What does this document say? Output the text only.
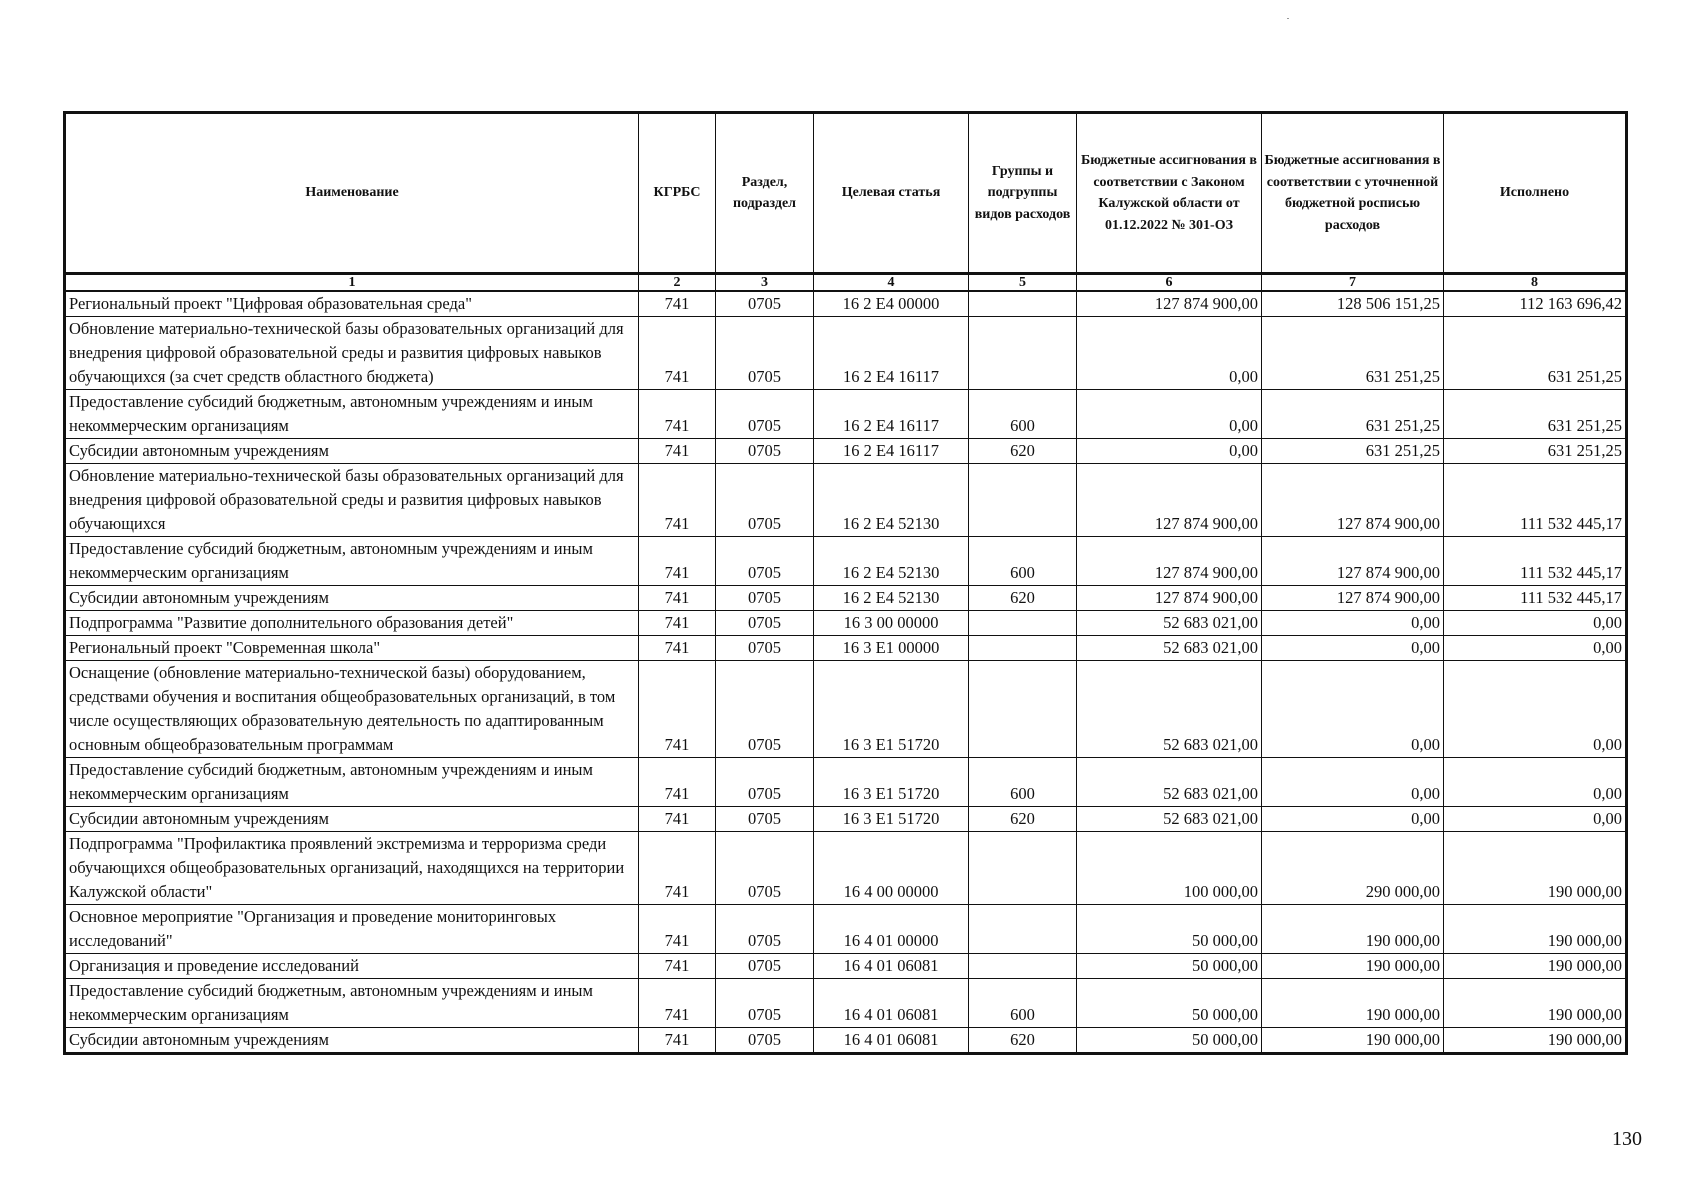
Наименование	КГРБС	Раздел, подраздел	Целевая статья	Группы и подгруппы видов расходов	Бюджетные ассигнования в соответствии с Законом Калужской области от 01.12.2022 № 301-ОЗ	Бюджетные ассигнования в соответствии с уточненной бюджетной росписью расходов	Исполнено
1	2	3	4	5	6	7	8
Региональный проект "Цифровая образовательная среда"	741	0705	16 2 E4 00000		127 874 900,00	128 506 151,25	112 163 696,42
Обновление материально-технической базы образовательных организаций для внедрения цифровой образовательной среды и развития цифровых навыков обучающихся (за счет средств областного бюджета)	741	0705	16 2 E4 16117		0,00	631 251,25	631 251,25
Предоставление субсидий бюджетным, автономным учреждениям и иным некоммерческим организациям	741	0705	16 2 E4 16117	600	0,00	631 251,25	631 251,25
Субсидии автономным учреждениям	741	0705	16 2 E4 16117	620	0,00	631 251,25	631 251,25
Обновление материально-технической базы образовательных организаций для внедрения цифровой образовательной среды и развития цифровых навыков обучающихся	741	0705	16 2 E4 52130		127 874 900,00	127 874 900,00	111 532 445,17
Предоставление субсидий бюджетным, автономным учреждениям и иным некоммерческим организациям	741	0705	16 2 E4 52130	600	127 874 900,00	127 874 900,00	111 532 445,17
Субсидии автономным учреждениям	741	0705	16 2 E4 52130	620	127 874 900,00	127 874 900,00	111 532 445,17
Подпрограмма "Развитие дополнительного образования детей"	741	0705	16 3 00 00000		52 683 021,00	0,00	0,00
Региональный проект "Современная школа"	741	0705	16 3 E1 00000		52 683 021,00	0,00	0,00
Оснащение (обновление материально-технической базы) оборудованием, средствами обучения и воспитания общеобразовательных организаций, в том числе осуществляющих образовательную деятельность по адаптированным основным общеобразовательным программам	741	0705	16 3 E1 51720		52 683 021,00	0,00	0,00
Предоставление субсидий бюджетным, автономным учреждениям и иным некоммерческим организациям	741	0705	16 3 E1 51720	600	52 683 021,00	0,00	0,00
Субсидии автономным учреждениям	741	0705	16 3 E1 51720	620	52 683 021,00	0,00	0,00
Подпрограмма "Профилактика проявлений экстремизма и терроризма среди обучающихся общеобразовательных организаций, находящихся на территории Калужской области"	741	0705	16 4 00 00000		100 000,00	290 000,00	190 000,00
Основное мероприятие "Организация и проведение мониторинговых исследований"	741	0705	16 4 01 00000		50 000,00	190 000,00	190 000,00
Организация и проведение исследований	741	0705	16 4 01 06081		50 000,00	190 000,00	190 000,00
Предоставление субсидий бюджетным, автономным учреждениям и иным некоммерческим организациям	741	0705	16 4 01 06081	600	50 000,00	190 000,00	190 000,00
Субсидии автономным учреждениям	741	0705	16 4 01 06081	620	50 000,00	190 000,00	190 000,00
130
